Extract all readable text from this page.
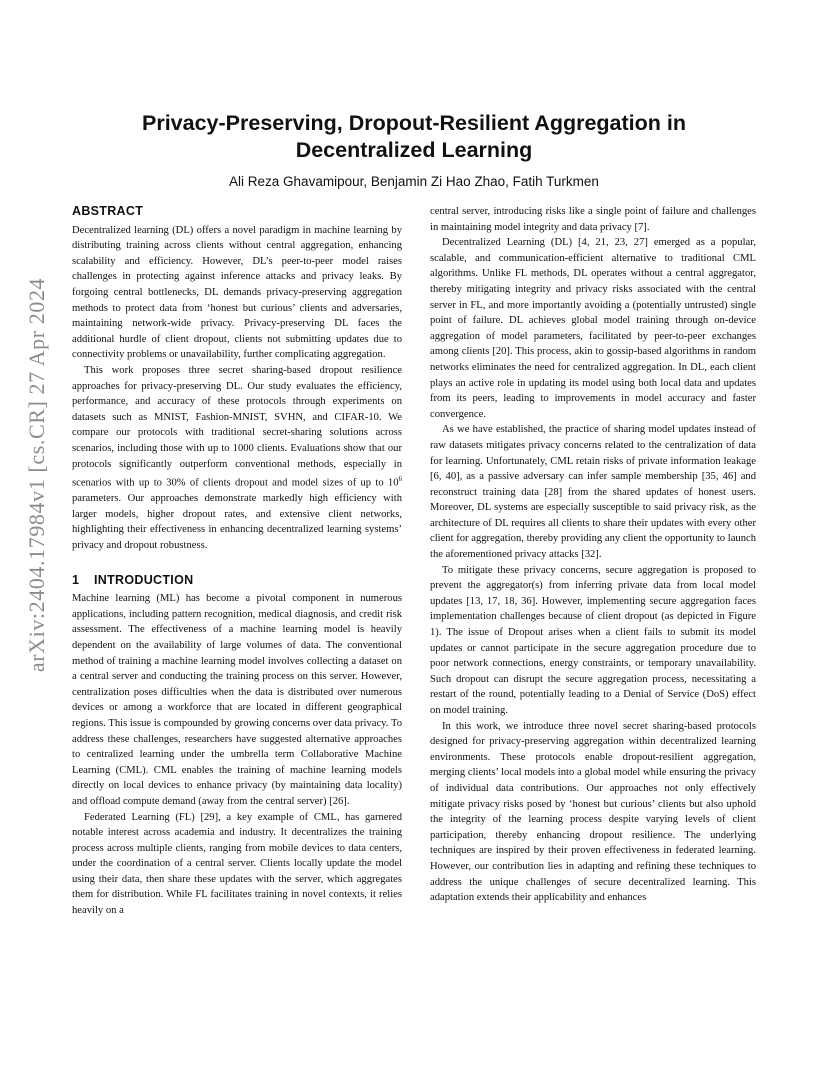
arXiv:2404.17984v1 [cs.CR] 27 Apr 2024
Privacy-Preserving, Dropout-Resilient Aggregation in
Decentralized Learning
Ali Reza Ghavamipour, Benjamin Zi Hao Zhao, Fatih Turkmen
ABSTRACT

Decentralized learning (DL) offers a novel paradigm in machine learning by distributing training across clients without central aggregation, enhancing scalability and efficiency. However, DL’s peer-to-peer model raises challenges in protecting against inference attacks and privacy leaks. By forgoing central bottlenecks, DL demands privacy-preserving aggregation methods to protect data from ‘honest but curious’ clients and adversaries, maintaining network-wide privacy. Privacy-preserving DL faces the additional hurdle of client dropout, clients not submitting updates due to connectivity problems or unavailability, further complicating aggregation.

This work proposes three secret sharing-based dropout resilience approaches for privacy-preserving DL. Our study evaluates the efficiency, performance, and accuracy of these protocols through experiments on datasets such as MNIST, Fashion-MNIST, SVHN, and CIFAR-10. We compare our protocols with traditional secret-sharing solutions across scenarios, including those with up to 1000 clients. Evaluations show that our protocols significantly outperform conventional methods, especially in scenarios with up to 30% of clients dropout and model sizes of up to $10^6$ parameters. Our approaches demonstrate markedly high efficiency with larger models, higher dropout rates, and extensive client networks, highlighting their effectiveness in enhancing decentralized learning systems’ privacy and dropout robustness.

1 INTRODUCTION

Machine learning (ML) has become a pivotal component in numerous applications, including pattern recognition, medical diagnosis, and credit risk assessment. The effectiveness of a machine learning model is heavily dependent on the availability of large volumes of data. The conventional method of training a machine learning model involves collecting a dataset on a central server and conducting the training process on this server. However, centralization poses difficulties when the data is distributed over numerous devices or among a workforce that are located in different geographical regions. This issue is compounded by growing concerns over data privacy. To address these challenges, researchers have suggested alternative approaches to centralized learning under the umbrella term Collaborative Machine Learning (CML). CML enables the training of machine learning models directly on local devices to enhance privacy (by maintaining data locality) and offload compute demand (away from the central server) [26].

Federated Learning (FL) [29], a key example of CML, has garnered notable interest across academia and industry. It decentralizes the training process across multiple clients, ranging from mobile devices to data centers, under the coordination of a central server. Clients locally update the model using their data, then share these updates with the server, which aggregates them for distribution. While FL facilitates training in novel contexts, it relies heavily on a

central server, introducing risks like a single point of failure and challenges in maintaining model integrity and data privacy [7].

Decentralized Learning (DL) [4, 21, 23, 27] emerged as a popular, scalable, and communication-efficient alternative to traditional CML algorithms. Unlike FL methods, DL operates without a central aggregator, thereby mitigating integrity and privacy risks associated with the central server in FL, and more importantly avoiding a (potentially untrusted) single point of failure. DL achieves global model training through on-device aggregation of model parameters, facilitated by peer-to-peer exchanges among clients [20]. This process, akin to gossip-based algorithms in random networks eliminates the need for centralized aggregation. In DL, each client plays an active role in updating its model using both local data and updates from its peers, leading to improvements in model accuracy and faster convergence.

As we have established, the practice of sharing model updates instead of raw datasets mitigates privacy concerns related to the centralization of data for learning. Unfortunately, CML retain risks of private information leakage [6, 40], as a passive adversary can infer sample membership [35, 46] and reconstruct training data [28] from the shared updates of honest users. Moreover, DL systems are especially susceptible to said privacy risk, as the architecture of DL requires all clients to share their updates with every other client for aggregation, thereby providing any client the opportunity to launch the aforementioned privacy attacks [32].

To mitigate these privacy concerns, secure aggregation is proposed to prevent the aggregator(s) from inferring private data from local model updates [13, 17, 18, 36]. However, implementing secure aggregation faces implementation challenges because of client dropout (as depicted in Figure 1). The issue of Dropout arises when a client fails to submit its model updates or cannot participate in the secure aggregation procedure due to poor network connections, energy constraints, or temporary unavailability. Such dropout can disrupt the secure aggregation process, necessitating a restart of the round, potentially leading to a Denial of Service (DoS) effect on model training.

In this work, we introduce three novel secret sharing-based protocols designed for privacy-preserving aggregation within decentralized learning environments. These protocols enable dropout-resilient aggregation, merging clients’ local models into a global model while ensuring the privacy of individual data contributions. Our approaches not only effectively mitigate privacy risks posed by ‘honest but curious’ clients but also uphold the integrity of the learning process despite varying levels of client participation, thereby enhancing dropout resilience. The underlying techniques are inspired by their proven effectiveness in federated learning. However, our contribution lies in adapting and refining these techniques to address the unique challenges of secure decentralized learning. This adaptation extends their applicability and enhances
